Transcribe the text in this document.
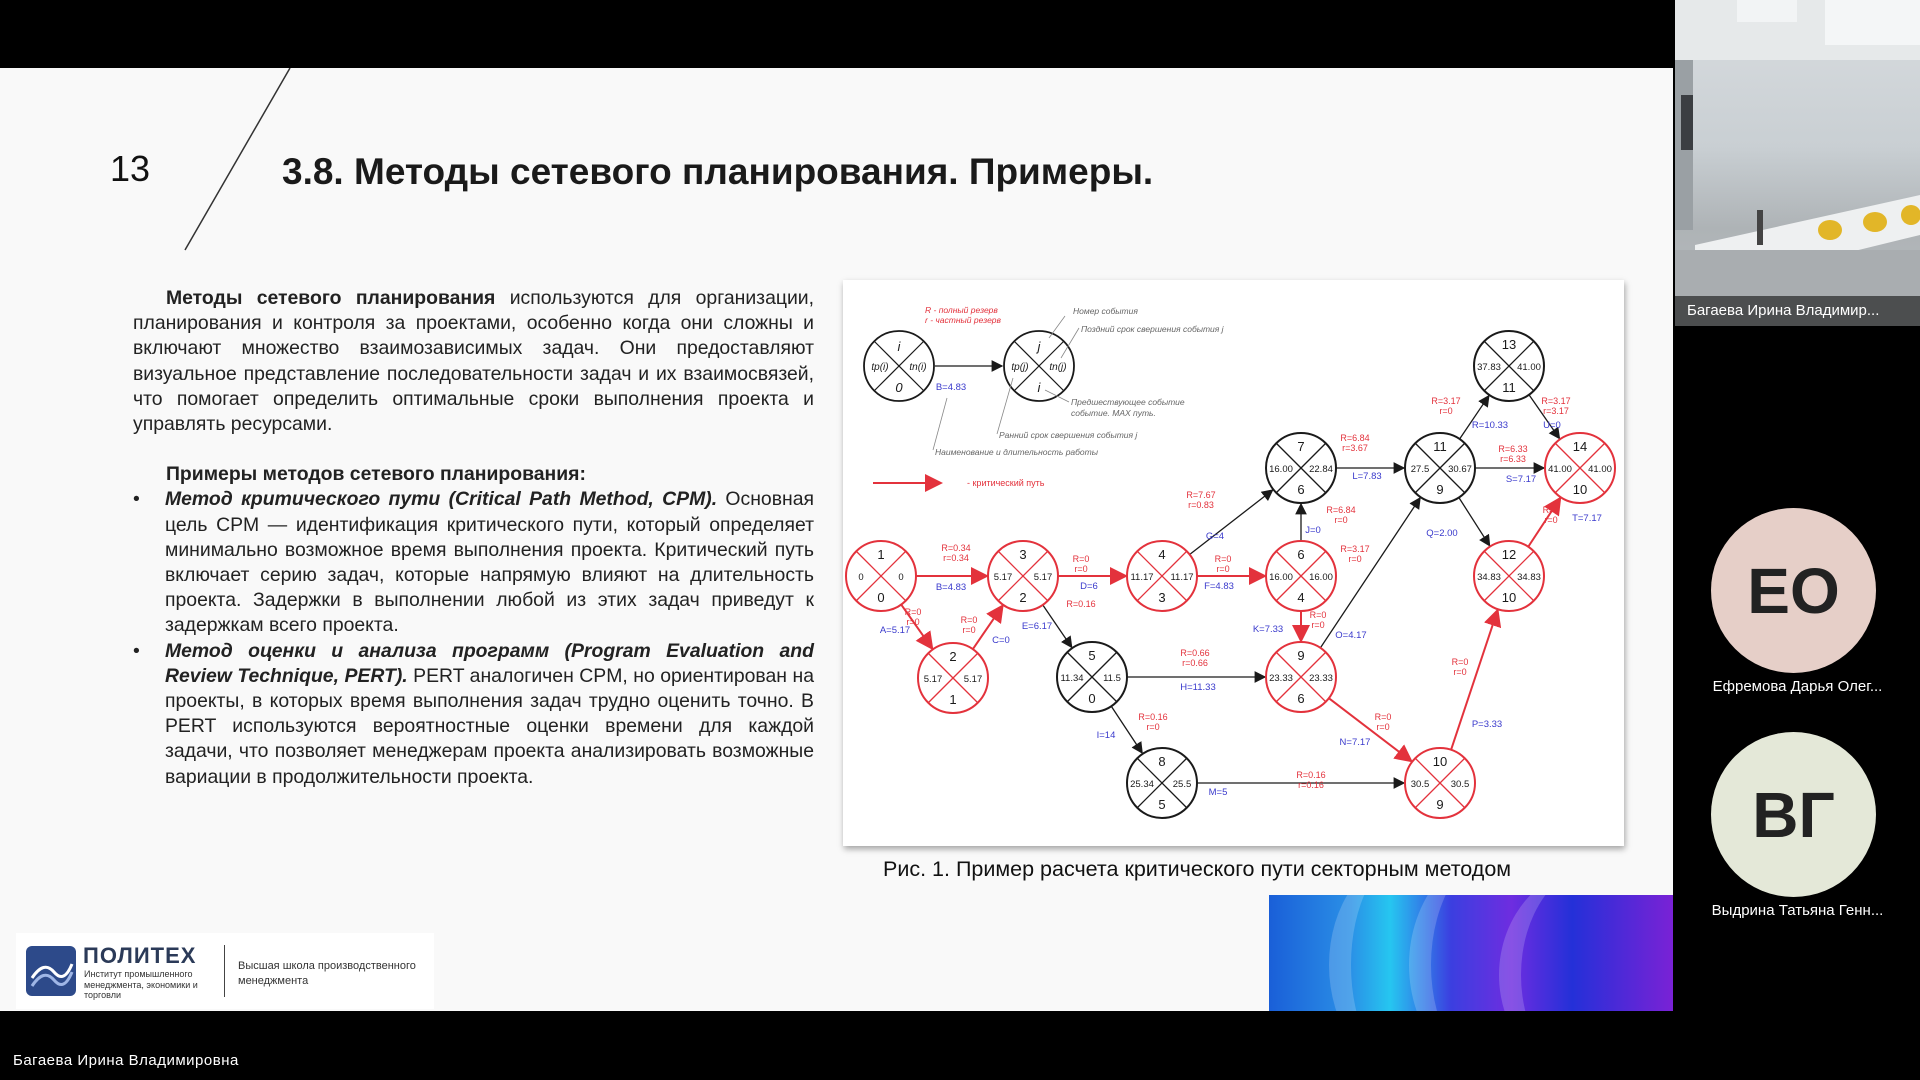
13	3.8. Методы сетевого планирования. Примеры.

Методы сетевого планирования используются для организации, планирования и контроля за проектами, особенно когда они сложны и включают множество взаимозависимых задач. Они предоставляют визуальное представление последовательности задач и их взаимосвязей, что помогает определить оптимальные сроки выполнения проекта и управлять ресурсами.

Примеры методов сетевого планирования:

• Метод критического пути (Critical Path Method, CPM). Основная цель CPM — идентификация критического пути, который определяет минимально возможное время выполнения проекта. Критический путь включает серию задач, которые напрямую влияют на длительность проекта. Задержки в выполнении любой из этих задач приведут к задержкам всего проекта.
• Метод оценки и анализа программ (Program Evaluation and Review Technique, PERT). PERT аналогичен CPM, но ориентирован на проекты, в которых время выполнения задач трудно оценить точно. В PERT используются вероятностные оценки времени для каждой задачи, что позволяет менеджерам проекта анализировать возможные вариации в продолжительности проекта.
1
0
0	0
2
1
5.17 5.17
3
2
5.17 5.17
4
3
11.17 11.17
5
0
11.34 11.5
6
4
16.00 16.00
7
6
16.00 22.84
8
5
25.34 25.5
9
6
23.33 23.33
10
9
30.5 30.5
11
9
27.5 30.67
12
10
34.83 34.83
13
11
37.83 41.00
14
10
41.00 41.00
A=5.17
B=4.83
C=0
D=6
E=6.17
F=4.83
G=4
H=11.33
I=14
J=0
K=7.33
L=7.83
M=5
N=7.17
O=4.17
P=3.33
Q=2.00
R=10.33
S=7.17
T=7.17
U=0
R=0.34
r=0.34
R=0
r=0	R=0
r=0
R=0
r=0
R=0.16
R=0
r=0
R=0.66
r=0.66
R=7.67
r=0.83
R=6.84
r=3.67
R=6.84
r=0
R=3.17
r=0
R=0
r=0
R=0
r=0
R=3.17
r=0
R=6.33
r=6.33
R=3.17
r=3.17
R=0
r=0
R=0
r=0
R=0.16
r=0
R=0.16
r=0.16
i
0
tp(i) tn(i)
j
i
tp(j) tn(j)
B=4.83
R - полный резерв
r - частный резерв
Номер события
Поздний срок свершения события j
Предшествующее событие
событие. MAX путь.
Ранний срок свершения события j
Наименование и длительность работы
- критический путь
Рис. 1. Пример расчета критического пути секторным методом
ПОЛИТЕХ
Институт промышленного менеджмента, экономики и торговли
Высшая школа производственного менеджмента
Багаева Ирина Владимировна
Багаева Ирина Владимир...
ЕО
Ефремова Дарья Олег...
ВГ
Выдрина Татьяна Генн...
